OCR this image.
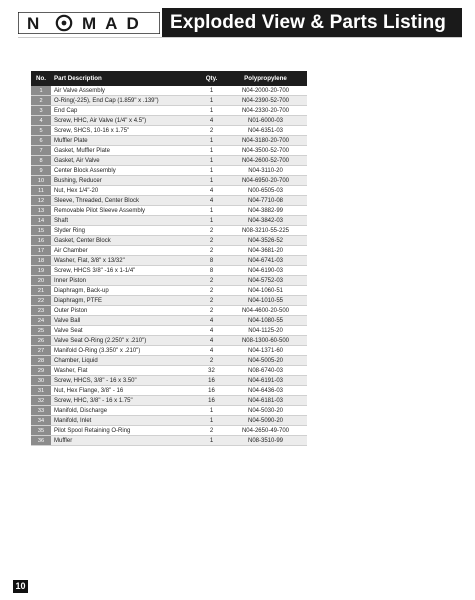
N MAD	Exploded View & Parts Listing
No.	Part Description	Qty.	Polypropylene
1	Air Valve Assembly	1	N04-2000-20-700
2	O-Ring(-225), End Cap (1.859" x .139")	1	N04-2390-52-700
3	End Cap	1	N04-2330-20-700
4	Screw, HHC, Air Valve (1/4" x 4.5")	4	N01-6000-03
5	Screw, SHCS, 10-16 x 1.75"	2	N04-6351-03
6	Muffler Plate	1	N04-3180-20-700
7	Gasket, Muffler Plate	1	N04-3500-52-700
8	Gasket, Air Valve	1	N04-2600-52-700
9	Center Block Assembly	1	N04-3110-20
10	Bushing, Reducer	1	N04-6950-20-700
11	Nut, Hex 1/4"-20	4	N00-6505-03
12	Sleeve, Threaded, Center Block	4	N04-7710-08
13	Removable Pilot Sleeve Assembly	1	N04-3882-99
14	Shaft	1	N04-3842-03
15	Slyder Ring	2	N08-3210-55-225
16	Gasket, Center Block	2	N04-3526-52
17	Air Chamber	2	N04-3681-20
18	Washer, Flat, 3/8" x 13/32"	8	N04-6741-03
19	Screw, HHCS 3/8" -16 x 1-1/4"	8	N04-6190-03
20	Inner Piston	2	N04-5752-03
21	Diaphragm, Back-up	2	N04-1060-51
22	Diaphragm, PTFE	2	N04-1010-55
23	Outer Piston	2	N04-4600-20-500
24	Valve Ball	4	N04-1080-55
25	Valve Seat	4	N04-1125-20
26	Valve Seat O-Ring (2.250" x .210")	4	N08-1300-60-500
27	Manifold O-Ring (3.350" x .210")	4	N04-1371-60
28	Chamber, Liquid	2	N04-5005-20
29	Washer, Flat	32	N08-6740-03
30	Screw, HHCS, 3/8" - 16 x 3.50"	16	N04-6191-03
31	Nut, Hex Flange, 3/8" - 16	16	N04-6436-03
32	Screw, HHC, 3/8" - 16 x 1.75"	16	N04-6181-03
33	Manifold, Discharge	1	N04-5030-20
34	Manifold, Inlet	1	N04-5090-20
35	Pilot Spool Retaining O-Ring	2	N04-2650-49-700
36	Muffler	1	N08-3510-99
10
